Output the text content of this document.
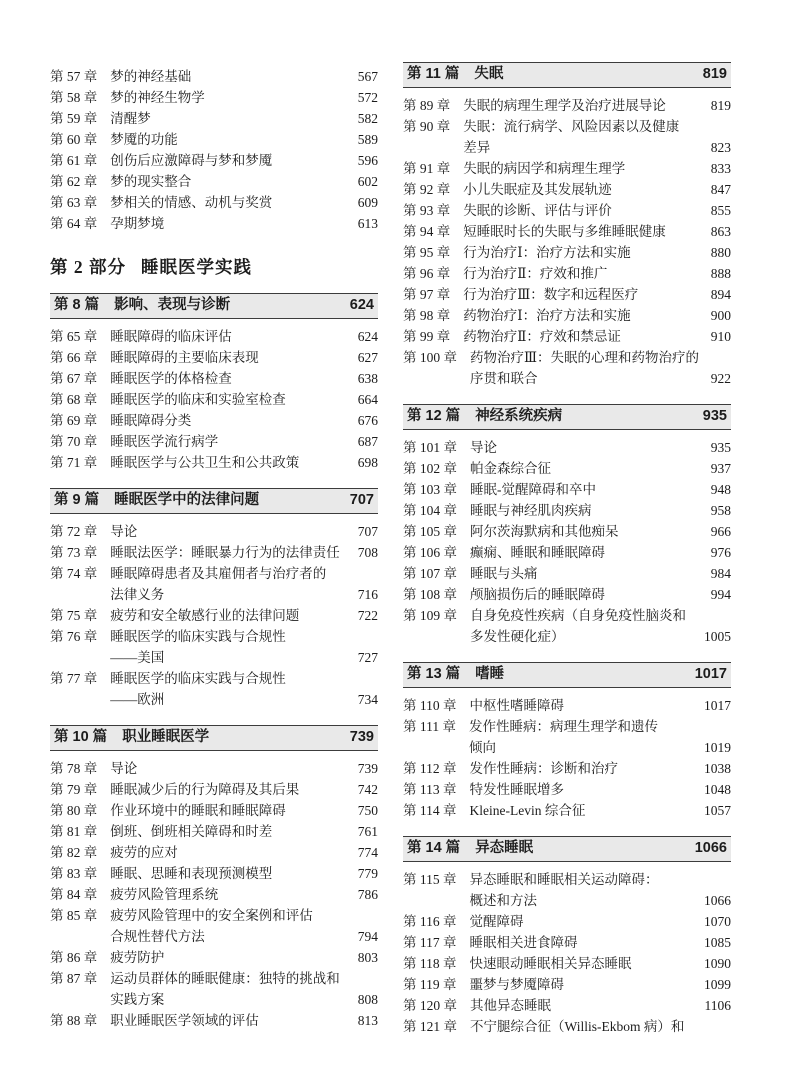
第 57 章 梦的神经基础	567
第 58 章 梦的神经生物学	572
第 59 章 清醒梦	582
第 60 章 梦魇的功能	589
第 61 章 创伤后应激障碍与梦和梦魇	596
第 62 章 梦的现实整合	602
第 63 章 梦相关的情感、动机与奖赏	609
第 64 章 孕期梦境	613
第 2 部分 睡眠医学实践
第 8 篇 影响、表现与诊断	624
第 65 章 睡眠障碍的临床评估	624
第 66 章 睡眠障碍的主要临床表现	627
第 67 章 睡眠医学的体格检查	638
第 68 章 睡眠医学的临床和实验室检查	664
第 69 章 睡眠障碍分类	676
第 70 章 睡眠医学流行病学	687
第 71 章 睡眠医学与公共卫生和公共政策	698
第 9 篇 睡眠医学中的法律问题	707
第 72 章 导论	707
第 73 章 睡眠法医学：睡眠暴力行为的法律责任	708
第 74 章 睡眠障碍患者及其雇佣者与治疗者的
法律义务	716
第 75 章 疲劳和安全敏感行业的法律问题	722
第 76 章 睡眠医学的临床实践与合规性
——美国	727
第 77 章 睡眠医学的临床实践与合规性
——欧洲	734
第 10 篇 职业睡眠医学	739
第 78 章 导论	739
第 79 章 睡眠减少后的行为障碍及其后果	742
第 80 章 作业环境中的睡眠和睡眠障碍	750
第 81 章 倒班、倒班相关障碍和时差	761
第 82 章 疲劳的应对	774
第 83 章 睡眠、思睡和表现预测模型	779
第 84 章 疲劳风险管理系统	786
第 85 章 疲劳风险管理中的安全案例和评估
合规性替代方法	794
第 86 章 疲劳防护	803
第 87 章 运动员群体的睡眠健康：独特的挑战和
实践方案	808
第 88 章 职业睡眠医学领域的评估	813
第 11 篇 失眠	819
第 89 章 失眠的病理生理学及治疗进展导论	819
第 90 章 失眠：流行病学、风险因素以及健康
差异	823
第 91 章 失眠的病因学和病理生理学	833
第 92 章 小儿失眠症及其发展轨迹	847
第 93 章 失眠的诊断、评估与评价	855
第 94 章 短睡眠时长的失眠与多维睡眠健康	863
第 95 章 行为治疗Ⅰ：治疗方法和实施	880
第 96 章 行为治疗Ⅱ：疗效和推广	888
第 97 章 行为治疗Ⅲ：数字和远程医疗	894
第 98 章 药物治疗Ⅰ：治疗方法和实施	900
第 99 章 药物治疗Ⅱ：疗效和禁忌证	910
第 100 章 药物治疗Ⅲ：失眠的心理和药物治疗的
序贯和联合	922
第 12 篇 神经系统疾病	935
第 101 章 导论	935
第 102 章 帕金森综合征	937
第 103 章 睡眠-觉醒障碍和卒中	948
第 104 章 睡眠与神经肌肉疾病	958
第 105 章 阿尔茨海默病和其他痴呆	966
第 106 章 癫痫、睡眠和睡眠障碍	976
第 107 章 睡眠与头痛	984
第 108 章 颅脑损伤后的睡眠障碍	994
第 109 章 自身免疫性疾病（自身免疫性脑炎和
多发性硬化症）	1005
第 13 篇 嗜睡	1017
第 110 章 中枢性嗜睡障碍	1017
第 111 章 发作性睡病：病理生理学和遗传
倾向	1019
第 112 章 发作性睡病：诊断和治疗	1038
第 113 章 特发性睡眠增多	1048
第 114 章 Kleine-Levin 综合征	1057
第 14 篇 异态睡眠	1066
第 115 章 异态睡眠和睡眠相关运动障碍：
概述和方法	1066
第 116 章 觉醒障碍	1070
第 117 章 睡眠相关进食障碍	1085
第 118 章 快速眼动睡眠相关异态睡眠	1090
第 119 章 噩梦与梦魇障碍	1099
第 120 章 其他异态睡眠	1106
第 121 章 不宁腿综合征（Willis-Ekbom 病）和
